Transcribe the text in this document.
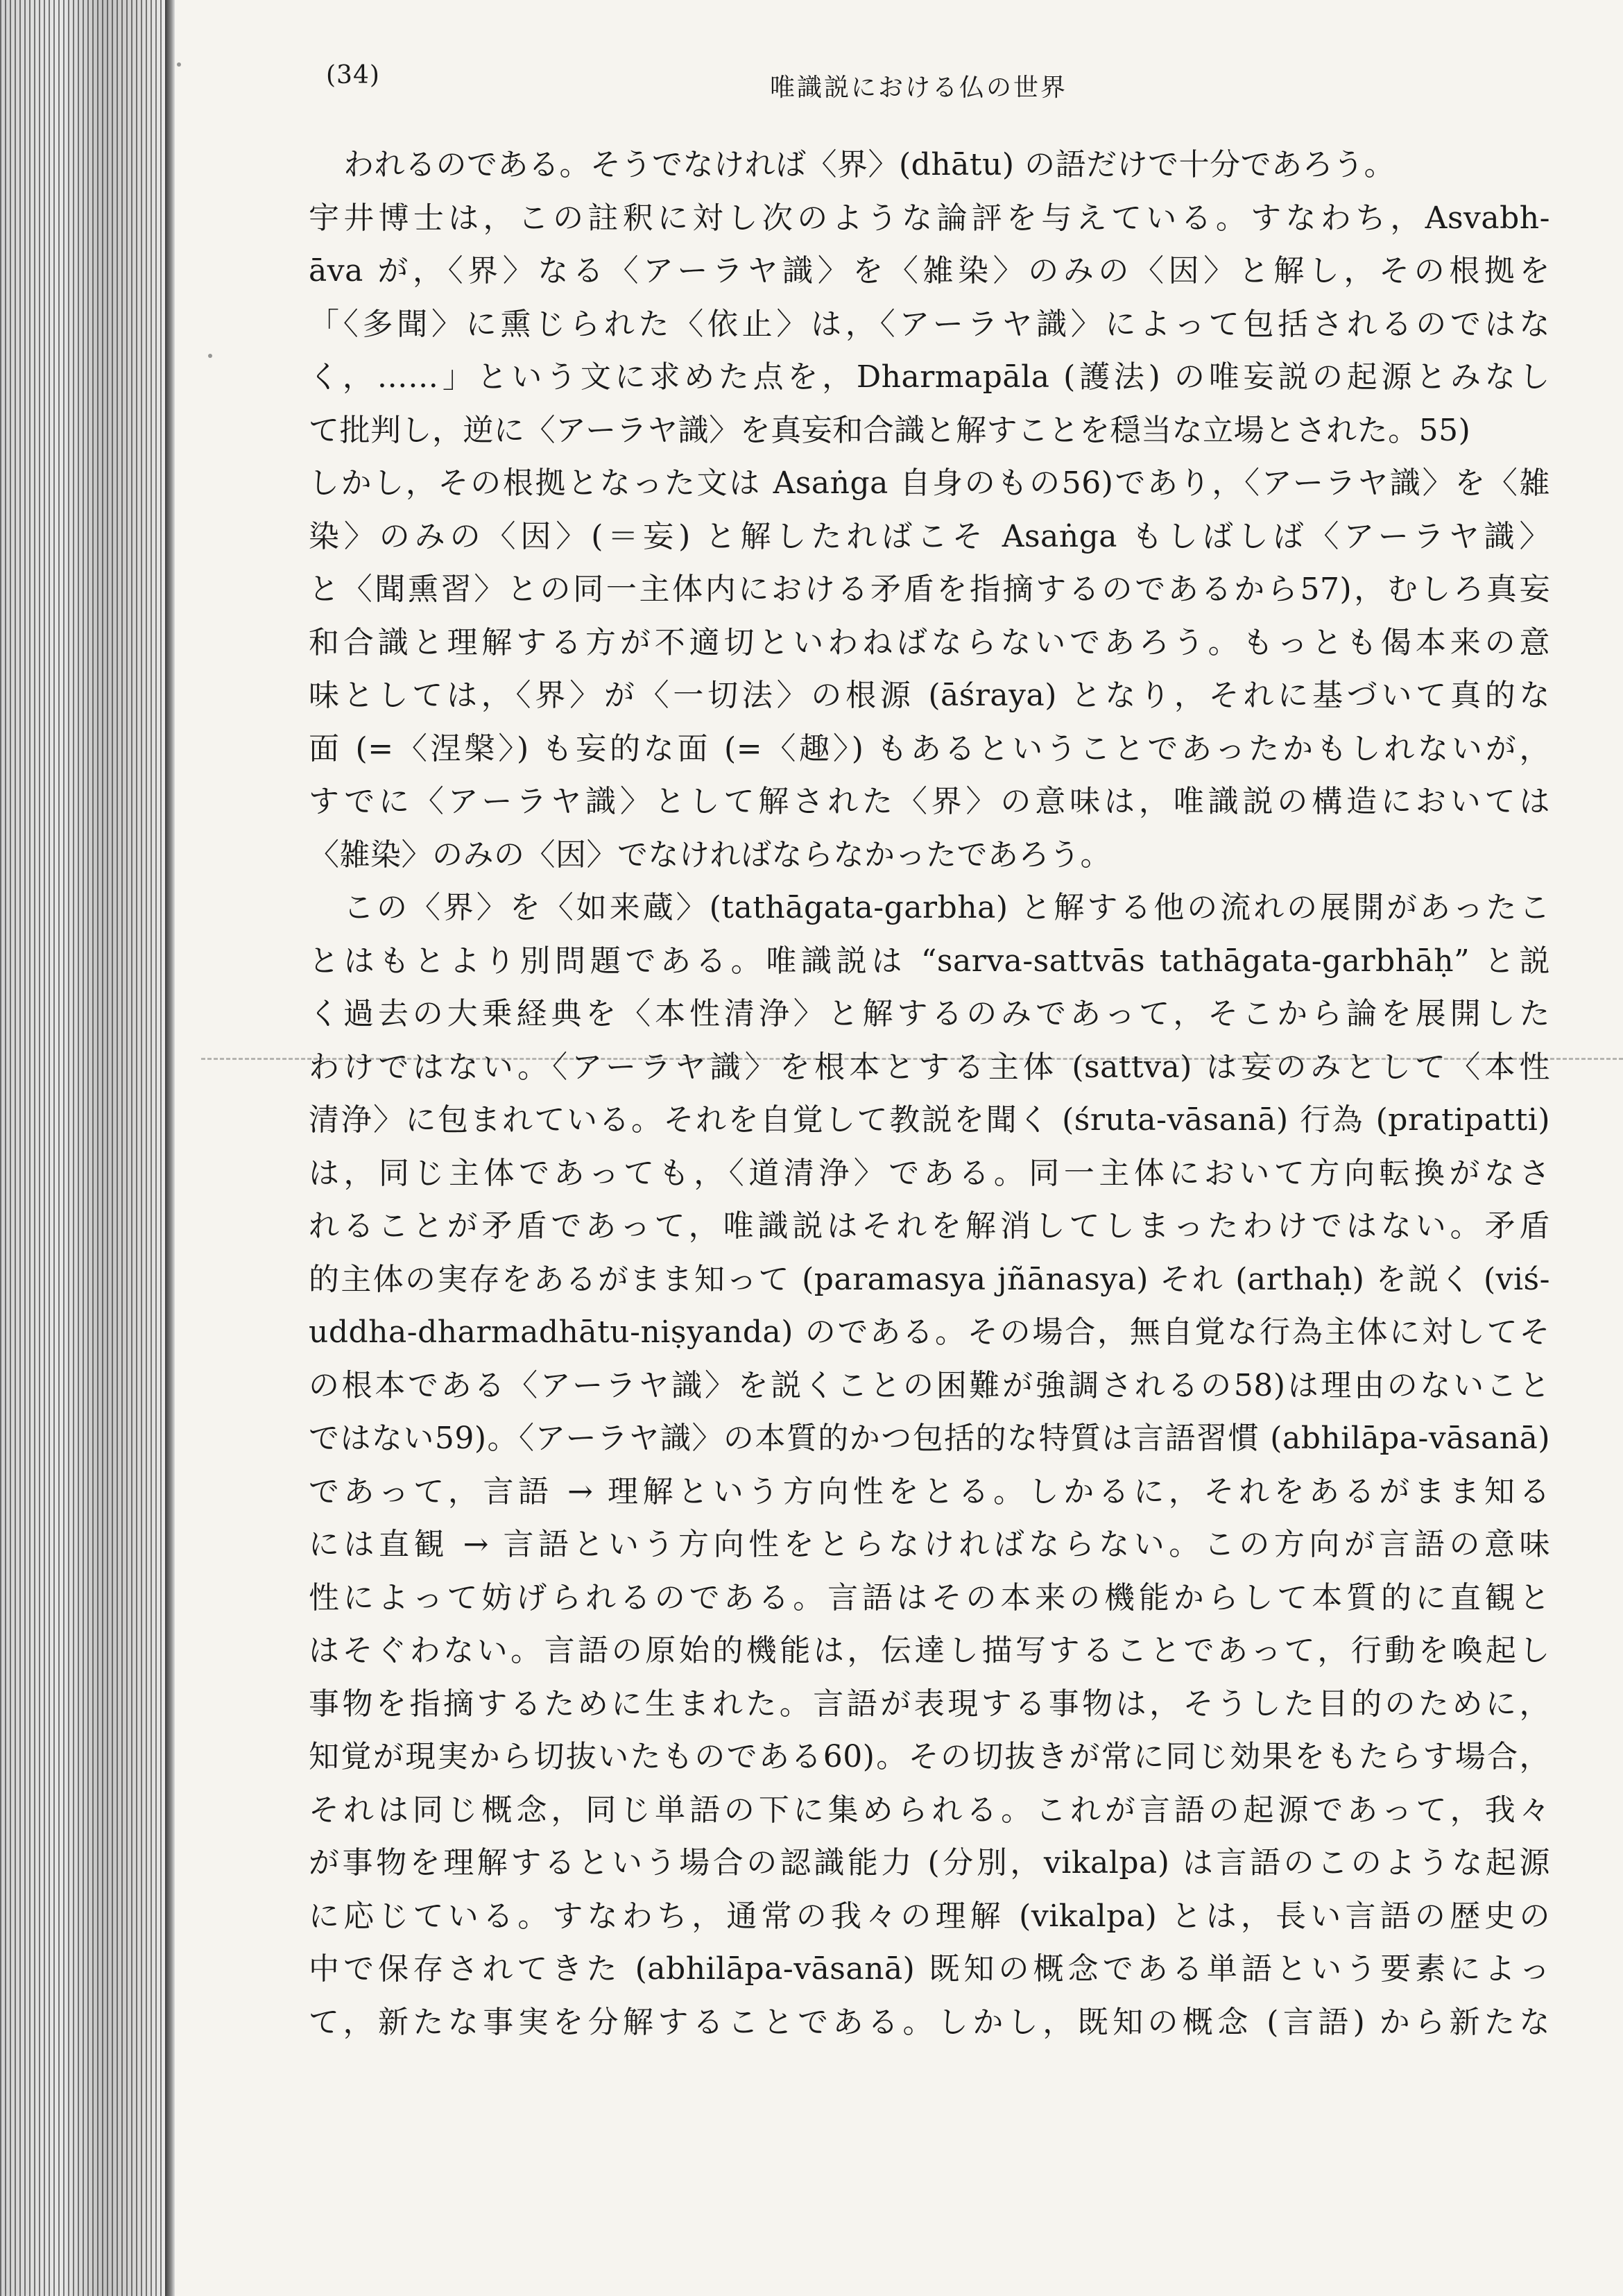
(34)	唯識説における仏の世界
われるのである。そうでなければ〈界〉(dhātu) の語だけで十分であろう。
宇井博士は，この註釈に対し次のような論評を与えている。すなわち，Asvabh-
āva が，〈界〉なる〈アーラヤ識〉を〈雑染〉のみの〈因〉と解し，その根拠を
「〈多聞〉に熏じられた〈依止〉は，〈アーラヤ識〉によって包括されるのではな
く，……」という文に求めた点を，Dharmapāla (護法) の唯妄説の起源とみなし
て批判し，逆に〈アーラヤ識〉を真妄和合識と解すことを穏当な立場とされた。55)
しかし，その根拠となった文は Asaṅga 自身のもの56)であり，〈アーラヤ識〉を〈雑
染〉のみの〈因〉(＝妄) と解したればこそ Asaṅga もしばしば〈アーラヤ識〉
と〈聞熏習〉との同一主体内における矛盾を指摘するのであるから57)，むしろ真妄
和合識と理解する方が不適切といわねばならないであろう。もっとも偈本来の意
味としては，〈界〉が〈一切法〉の根源 (āśraya) となり，それに基づいて真的な
面 (=〈涅槃〉) も妄的な面 (=〈趣〉) もあるということであったかもしれないが，
すでに〈アーラヤ識〉として解された〈界〉の意味は，唯識説の構造においては
〈雑染〉のみの〈因〉でなければならなかったであろう。
この〈界〉を〈如来蔵〉(tathāgata-garbha) と解する他の流れの展開があったこ
とはもとより別問題である。唯識説は “sarva-sattvās tathāgata-garbhāḥ” と説
く過去の大乗経典を〈本性清浄〉と解するのみであって，そこから論を展開した
わけではない。〈アーラヤ識〉を根本とする主体 (sattva) は妄のみとして〈本性
清浄〉に包まれている。それを自覚して教説を聞く (śruta-vāsanā) 行為 (pratipatti)
は，同じ主体であっても，〈道清浄〉である。同一主体において方向転換がなさ
れることが矛盾であって，唯識説はそれを解消してしまったわけではない。矛盾
的主体の実存をあるがまま知って (paramasya jñānasya) それ (arthaḥ) を説く (viś-
uddha-dharmadhātu-niṣyanda) のである。その場合，無自覚な行為主体に対してそ
の根本である〈アーラヤ識〉を説くことの困難が強調されるの58)は理由のないこと
ではない59)。〈アーラヤ識〉の本質的かつ包括的な特質は言語習慣 (abhilāpa-vāsanā)
であって，言語 → 理解という方向性をとる。しかるに，それをあるがまま知る
には直観 → 言語という方向性をとらなければならない。この方向が言語の意味
性によって妨げられるのである。言語はその本来の機能からして本質的に直観と
はそぐわない。言語の原始的機能は，伝達し描写することであって，行動を喚起し
事物を指摘するために生まれた。言語が表現する事物は，そうした目的のために，
知覚が現実から切抜いたものである60)。その切抜きが常に同じ効果をもたらす場合，
それは同じ概念，同じ単語の下に集められる。これが言語の起源であって，我々
が事物を理解するという場合の認識能力 (分別，vikalpa) は言語のこのような起源
に応じている。すなわち，通常の我々の理解 (vikalpa) とは，長い言語の歴史の
中で保存されてきた (abhilāpa-vāsanā) 既知の概念である単語という要素によっ
て，新たな事実を分解することである。しかし，既知の概念 (言語) から新たな
